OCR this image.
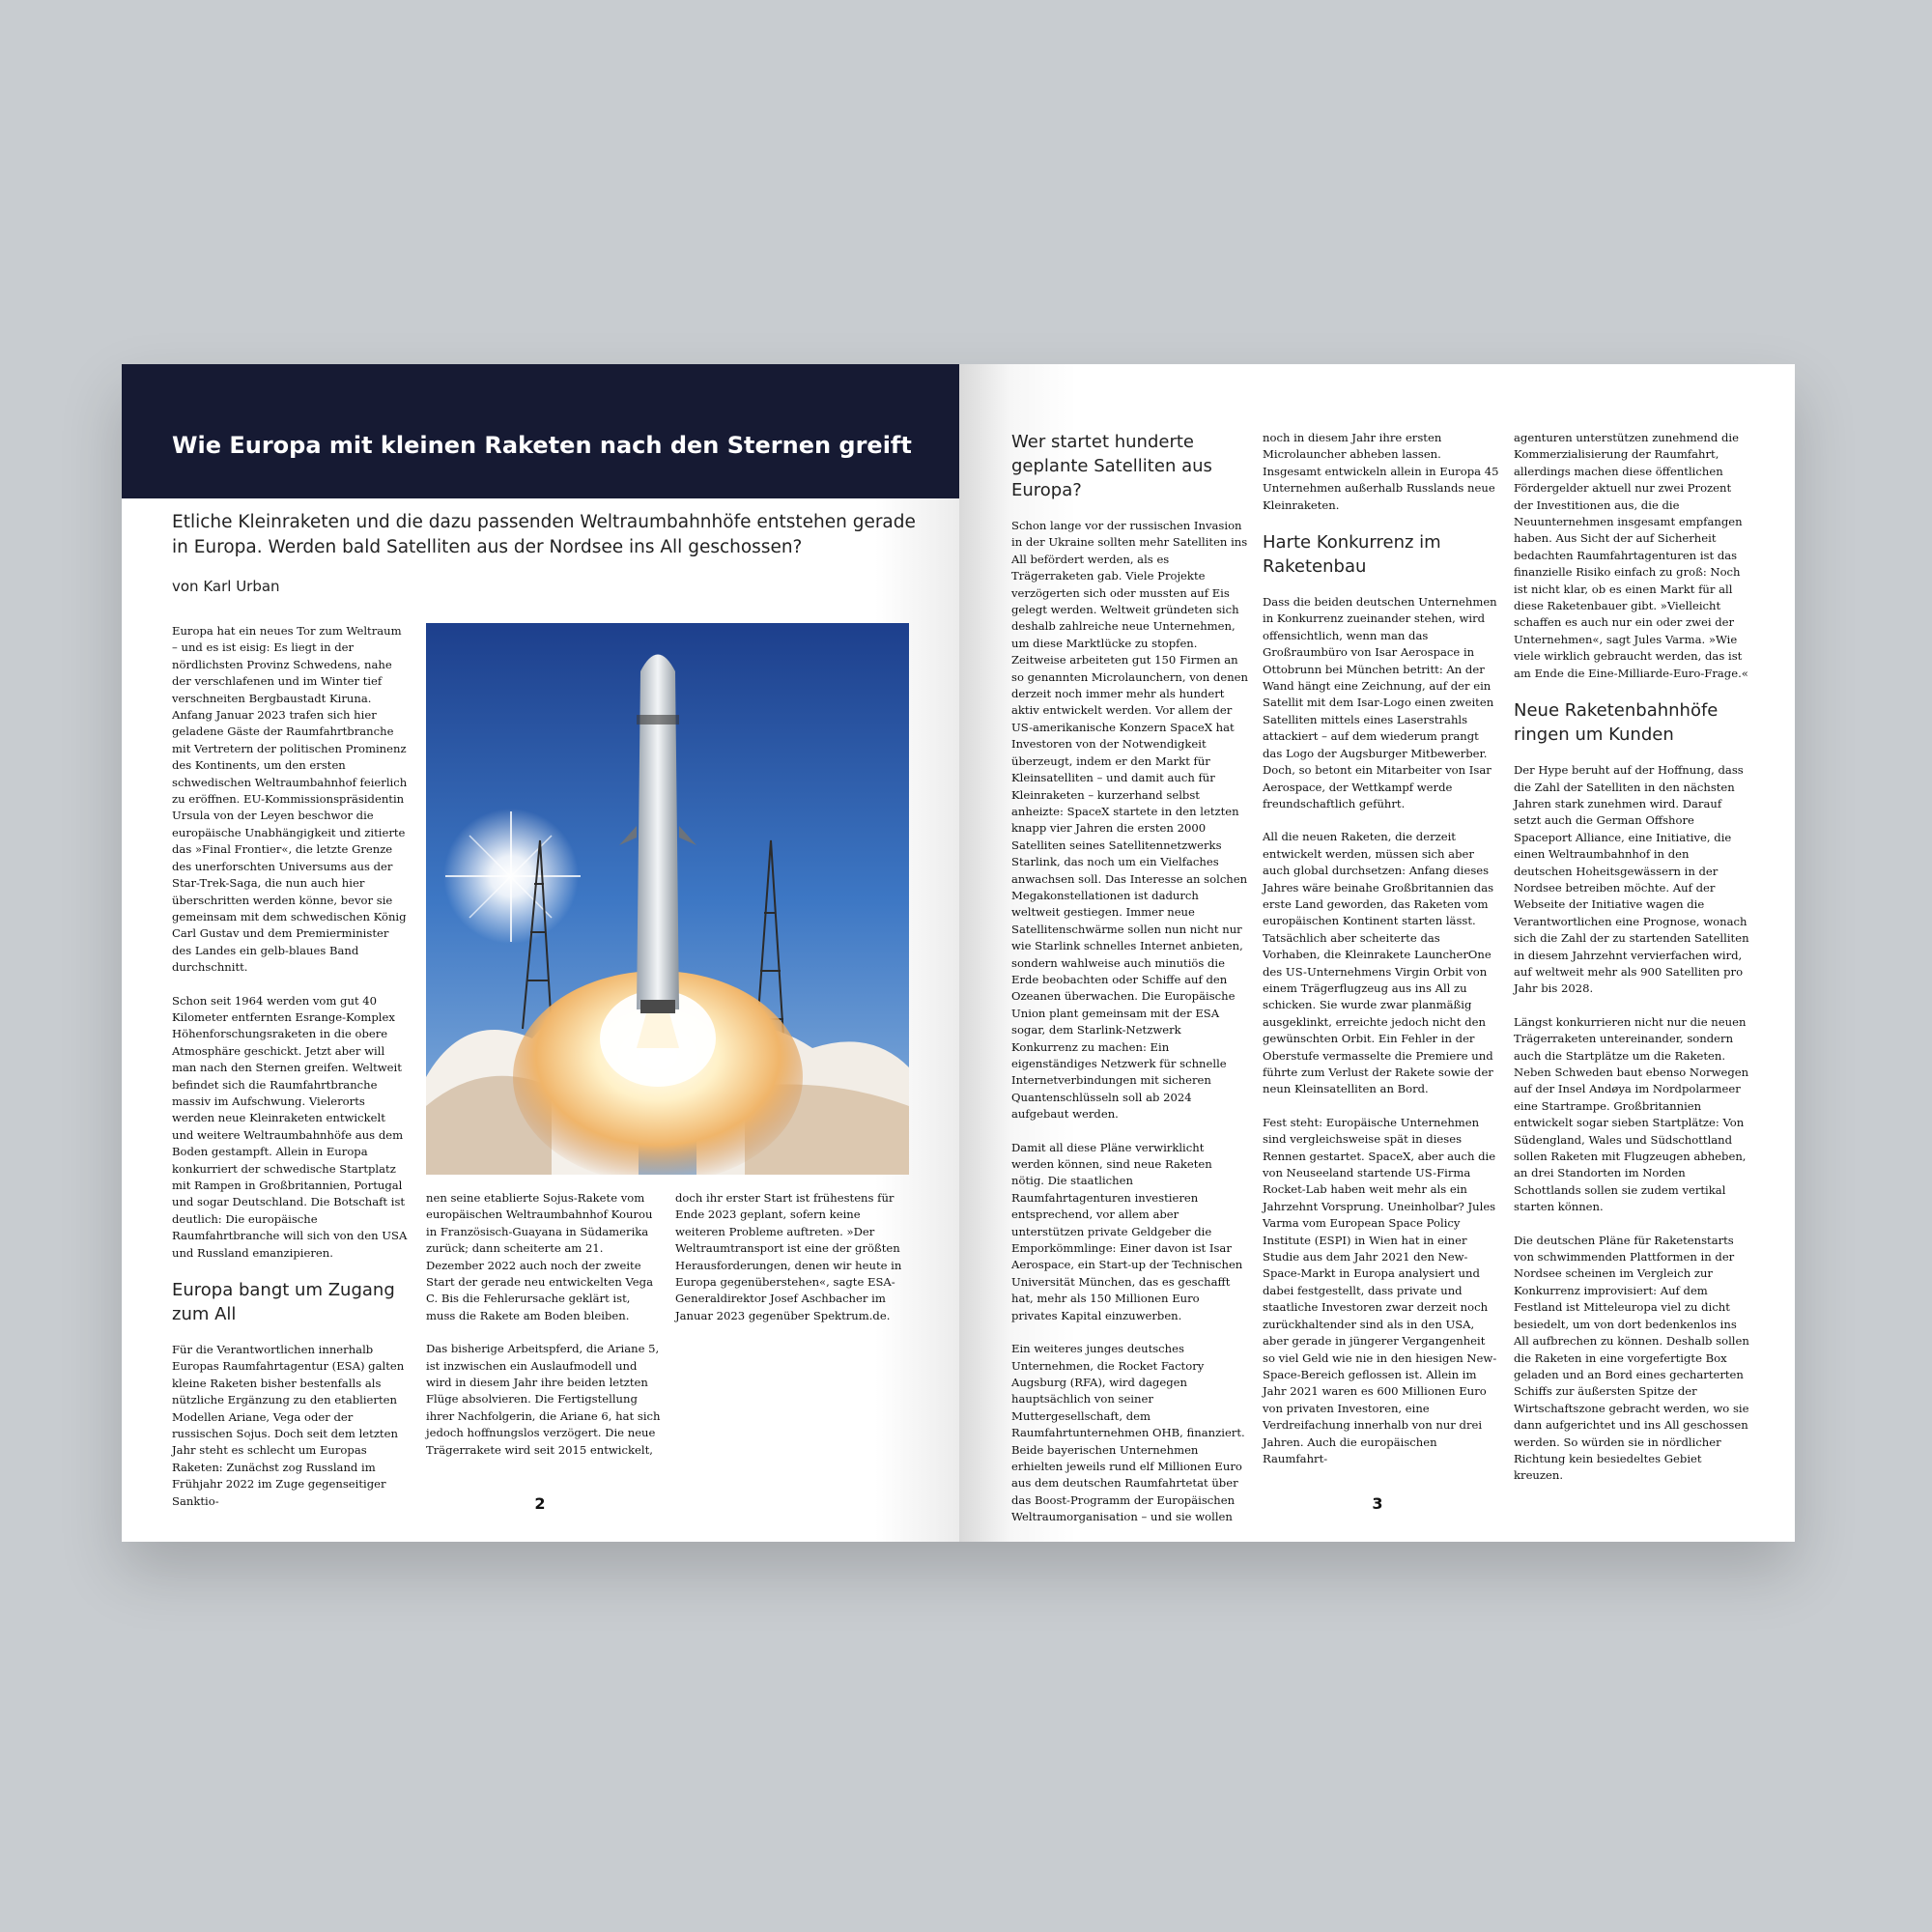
Wie Europa mit kleinen Raketen nach den Sternen greift
Etliche Kleinraketen und die dazu passenden Weltraumbahnhöfe entstehen gerade in Europa. Werden bald Satelliten aus der Nordsee ins All geschossen?
von Karl Urban

Europa hat ein neues Tor zum Weltraum – und es ist eisig: Es liegt in der nördlichsten Provinz Schwedens, nahe der verschlafenen und im Winter tief verschneiten Bergbaustadt Kiruna. Anfang Januar 2023 trafen sich hier geladene Gäste der Raumfahrtbranche mit Vertretern der politischen Prominenz des Kontinents, um den ersten schwedischen Weltraumbahnhof feierlich zu eröffnen. EU-Kommissionspräsidentin Ursula von der Leyen beschwor die europäische Unabhängigkeit und zitierte das »Final Frontier«, die letzte Grenze des unerforschten Universums aus der Star-Trek-Saga, die nun auch hier überschritten werden könne, bevor sie gemeinsam mit dem schwedischen König Carl Gustav und dem Premierminister des Landes ein gelb-blaues Band durchschnitt.

Schon seit 1964 werden vom gut 40 Kilometer entfernten Esrange-Komplex Höhenforschungsraketen in die obere Atmosphäre geschickt. Jetzt aber will man nach den Sternen greifen. Weltweit befindet sich die Raumfahrtbranche massiv im Aufschwung. Vielerorts werden neue Kleinraketen entwickelt und weitere Weltraumbahnhöfe aus dem Boden gestampft. Allein in Europa konkurriert der schwedische Startplatz mit Rampen in Großbritannien, Portugal und sogar Deutschland. Die Botschaft ist deutlich: Die europäische Raumfahrtbranche will sich von den USA und Russland emanzipieren.

Europa bangt um Zugang zum All

Für die Verantwortlichen innerhalb Europas Raumfahrtagentur (ESA) galten kleine Raketen bisher bestenfalls als nützliche Ergänzung zu den etablierten Modellen Ariane, Vega oder der russischen Sojus. Doch seit dem letzten Jahr steht es schlecht um Europas Raketen: Zunächst zog Russland im Frühjahr 2022 im Zuge gegenseitiger Sanktio-

nen seine etablierte Sojus-Rakete vom europäischen Weltraumbahnhof Kourou in Französisch-Guayana in Südamerika zurück; dann scheiterte am 21. Dezember 2022 auch noch der zweite Start der gerade neu entwickelten Vega C. Bis die Fehlerursache geklärt ist, muss die Rakete am Boden bleiben.

Das bisherige Arbeitspferd, die Ariane 5, ist inzwischen ein Auslaufmodell und wird in diesem Jahr ihre beiden letzten Flüge absolvieren. Die Fertigstellung ihrer Nachfolgerin, die Ariane 6, hat sich jedoch hoffnungslos verzögert. Die neue Trägerrakete wird seit 2015 entwickelt,

doch ihr erster Start ist frühestens für Ende 2023 geplant, sofern keine weiteren Probleme auftreten. »Der Weltraumtransport ist eine der größten Herausforderungen, denen wir heute in Europa gegenüberstehen«, sagte ESA-Generaldirektor Josef Aschbacher im Januar 2023 gegenüber Spektrum.de.

2
Wer startet hunderte geplante Satelliten aus Europa?

Schon lange vor der russischen Invasion in der Ukraine sollten mehr Satelliten ins All befördert werden, als es Trägerraketen gab. Viele Projekte verzögerten sich oder mussten auf Eis gelegt werden. Weltweit gründeten sich deshalb zahlreiche neue Unternehmen, um diese Marktlücke zu stopfen. Zeitweise arbeiteten gut 150 Firmen an so genannten Microlaunchern, von denen derzeit noch immer mehr als hundert aktiv entwickelt werden. Vor allem der US-amerikanische Konzern SpaceX hat Investoren von der Notwendigkeit überzeugt, indem er den Markt für Kleinsatelliten – und damit auch für Kleinraketen – kurzerhand selbst anheizte: SpaceX startete in den letzten knapp vier Jahren die ersten 2000 Satelliten seines Satellitennetzwerks Starlink, das noch um ein Vielfaches anwachsen soll. Das Interesse an solchen Megakonstellationen ist dadurch weltweit gestiegen. Immer neue Satellitenschwärme sollen nun nicht nur wie Starlink schnelles Internet anbieten, sondern wahlweise auch minutiös die Erde beobachten oder Schiffe auf den Ozeanen überwachen. Die Europäische Union plant gemeinsam mit der ESA sogar, dem Starlink-Netzwerk Konkurrenz zu machen: Ein eigenständiges Netzwerk für schnelle Internetverbindungen mit sicheren Quantenschlüsseln soll ab 2024 aufgebaut werden.

Damit all diese Pläne verwirklicht werden können, sind neue Raketen nötig. Die staatlichen Raumfahrtagenturen investieren entsprechend, vor allem aber unterstützen private Geldgeber die Emporkömmlinge: Einer davon ist Isar Aerospace, ein Start-up der Technischen Universität München, das es geschafft hat, mehr als 150 Millionen Euro privates Kapital einzuwerben.

Ein weiteres junges deutsches Unternehmen, die Rocket Factory Augsburg (RFA), wird dagegen hauptsächlich von seiner Muttergesellschaft, dem Raumfahrtunternehmen OHB, finanziert. Beide bayerischen Unternehmen erhielten jeweils rund elf Millionen Euro aus dem deutschen Raumfahrtetat über das Boost-Programm der Europäischen Weltraumorganisation – und sie wollen

noch in diesem Jahr ihre ersten Microlauncher abheben lassen. Insgesamt entwickeln allein in Europa 45 Unternehmen außerhalb Russlands neue Kleinraketen.

Harte Konkurrenz im Raketenbau

Dass die beiden deutschen Unternehmen in Konkurrenz zueinander stehen, wird offensichtlich, wenn man das Großraumbüro von Isar Aerospace in Ottobrunn bei München betritt: An der Wand hängt eine Zeichnung, auf der ein Satellit mit dem Isar-Logo einen zweiten Satelliten mittels eines Laserstrahls attackiert – auf dem wiederum prangt das Logo der Augsburger Mitbewerber. Doch, so betont ein Mitarbeiter von Isar Aerospace, der Wettkampf werde freundschaftlich geführt.

All die neuen Raketen, die derzeit entwickelt werden, müssen sich aber auch global durchsetzen: Anfang dieses Jahres wäre beinahe Großbritannien das erste Land geworden, das Raketen vom europäischen Kontinent starten lässt. Tatsächlich aber scheiterte das Vorhaben, die Kleinrakete LauncherOne des US-Unternehmens Virgin Orbit von einem Trägerflugzeug aus ins All zu schicken. Sie wurde zwar planmäßig ausgeklinkt, erreichte jedoch nicht den gewünschten Orbit. Ein Fehler in der Oberstufe vermasselte die Premiere und führte zum Verlust der Rakete sowie der neun Kleinsatelliten an Bord.

Fest steht: Europäische Unternehmen sind vergleichsweise spät in dieses Rennen gestartet. SpaceX, aber auch die von Neuseeland startende US-Firma Rocket-Lab haben weit mehr als ein Jahrzehnt Vorsprung. Uneinholbar? Jules Varma vom European Space Policy Institute (ESPI) in Wien hat in einer Studie aus dem Jahr 2021 den New-Space-Markt in Europa analysiert und dabei festgestellt, dass private und staatliche Investoren zwar derzeit noch zurückhaltender sind als in den USA, aber gerade in jüngerer Vergangenheit so viel Geld wie nie in den hiesigen New-Space-Bereich geflossen ist. Allein im Jahr 2021 waren es 600 Millionen Euro von privaten Investoren, eine Verdreifachung innerhalb von nur drei Jahren. Auch die europäischen Raumfahrt-

agenturen unterstützen zunehmend die Kommerzialisierung der Raumfahrt, allerdings machen diese öffentlichen Fördergelder aktuell nur zwei Prozent der Investitionen aus, die die Neuunternehmen insgesamt empfangen haben. Aus Sicht der auf Sicherheit bedachten Raumfahrtagenturen ist das finanzielle Risiko einfach zu groß: Noch ist nicht klar, ob es einen Markt für all diese Raketenbauer gibt. »Vielleicht schaffen es auch nur ein oder zwei der Unternehmen«, sagt Jules Varma. »Wie viele wirklich gebraucht werden, das ist am Ende die Eine-Milliarde-Euro-Frage.«

Neue Raketenbahnhöfe ringen um Kunden

Der Hype beruht auf der Hoffnung, dass die Zahl der Satelliten in den nächsten Jahren stark zunehmen wird. Darauf setzt auch die German Offshore Spaceport Alliance, eine Initiative, die einen Weltraumbahnhof in den deutschen Hoheitsgewässern in der Nordsee betreiben möchte. Auf der Webseite der Initiative wagen die Verantwortlichen eine Prognose, wonach sich die Zahl der zu startenden Satelliten in diesem Jahrzehnt vervierfachen wird, auf weltweit mehr als 900 Satelliten pro Jahr bis 2028.

Längst konkurrieren nicht nur die neuen Trägerraketen untereinander, sondern auch die Startplätze um die Raketen. Neben Schweden baut ebenso Norwegen auf der Insel Andøya im Nordpolarmeer eine Startrampe. Großbritannien entwickelt sogar sieben Startplätze: Von Südengland, Wales und Südschottland sollen Raketen mit Flugzeugen abheben, an drei Standorten im Norden Schottlands sollen sie zudem vertikal starten können.

Die deutschen Pläne für Raketenstarts von schwimmenden Plattformen in der Nordsee scheinen im Vergleich zur Konkurrenz improvisiert: Auf dem Festland ist Mitteleuropa viel zu dicht besiedelt, um von dort bedenkenlos ins All aufbrechen zu können. Deshalb sollen die Raketen in eine vorgefertigte Box geladen und an Bord eines gecharterten Schiffs zur äußersten Spitze der Wirtschaftszone gebracht werden, wo sie dann aufgerichtet und ins All geschossen werden. So würden sie in nördlicher Richtung kein besiedeltes Gebiet kreuzen.

3
